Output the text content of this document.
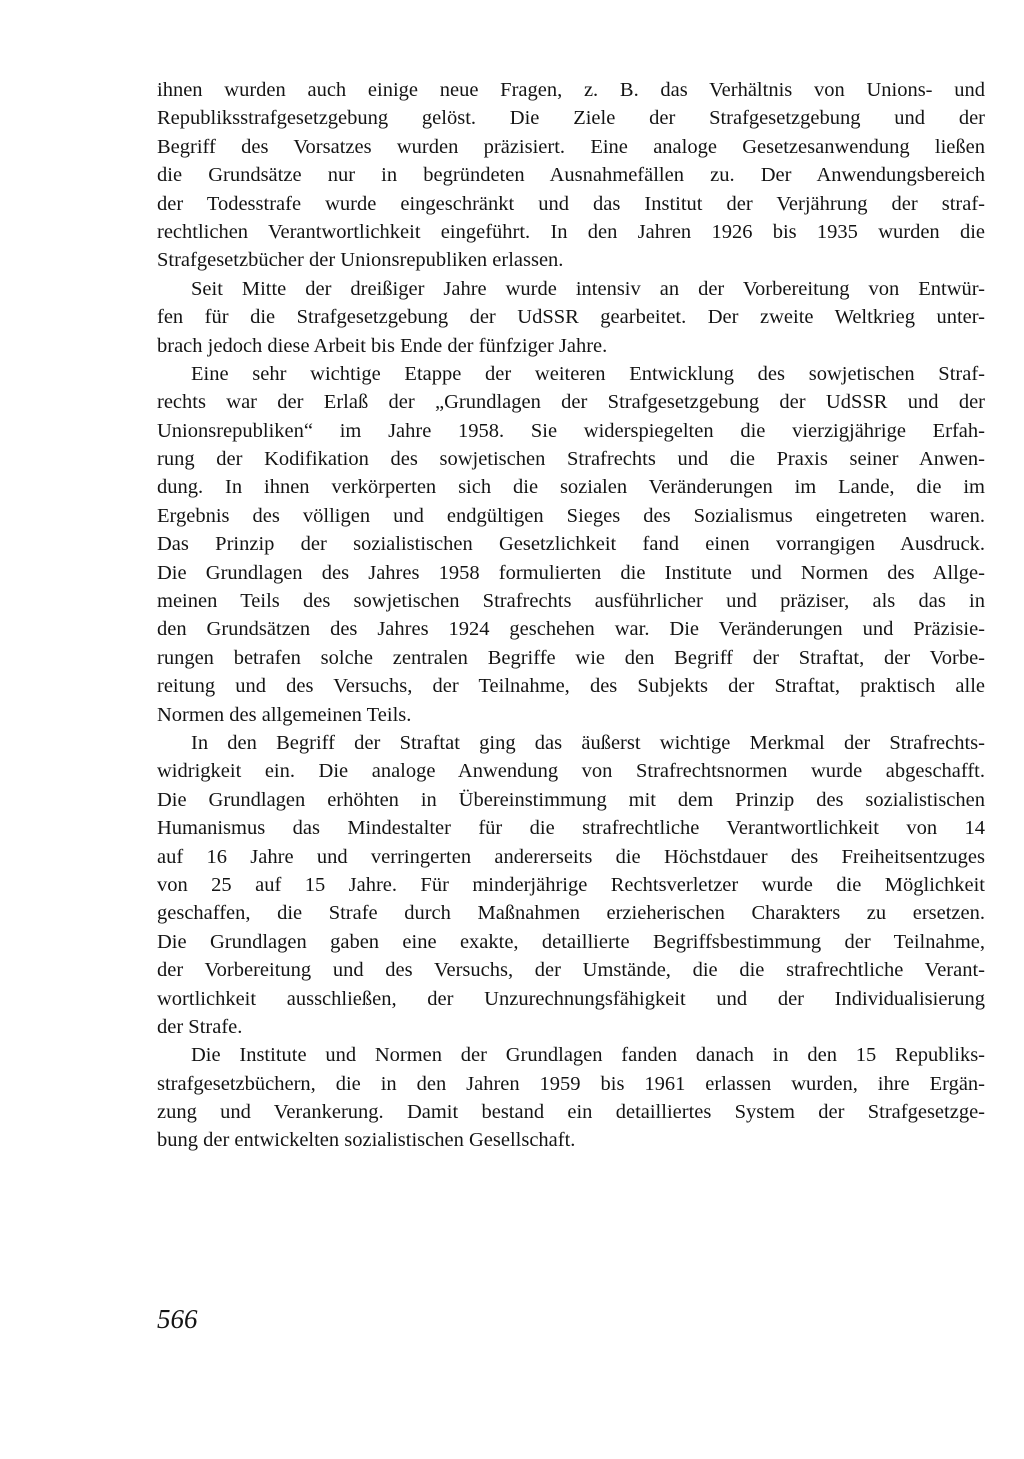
ihnen wurden auch einige neue Fragen, z. B. das Verhältnis von Unions- und
Republiksstrafgesetzgebung gelöst. Die Ziele der Strafgesetzgebung und der
Begriff des Vorsatzes wurden präzisiert. Eine analoge Gesetzesanwendung ließen
die Grundsätze nur in begründeten Ausnahmefällen zu. Der Anwendungsbereich
der Todesstrafe wurde eingeschränkt und das Institut der Verjährung der straf-
rechtlichen Verantwortlichkeit eingeführt. In den Jahren 1926 bis 1935 wurden die
Strafgesetzbücher der Unionsrepubliken erlassen.
Seit Mitte der dreißiger Jahre wurde intensiv an der Vorbereitung von Entwür-
fen für die Strafgesetzgebung der UdSSR gearbeitet. Der zweite Weltkrieg unter-
brach jedoch diese Arbeit bis Ende der fünfziger Jahre.
Eine sehr wichtige Etappe der weiteren Entwicklung des sowjetischen Straf-
rechts war der Erlaß der „Grundlagen der Strafgesetzgebung der UdSSR und der
Unionsrepubliken“ im Jahre 1958. Sie widerspiegelten die vierzigjährige Erfah-
rung der Kodifikation des sowjetischen Strafrechts und die Praxis seiner Anwen-
dung. In ihnen verkörperten sich die sozialen Veränderungen im Lande, die im
Ergebnis des völligen und endgültigen Sieges des Sozialismus eingetreten waren.
Das Prinzip der sozialistischen Gesetzlichkeit fand einen vorrangigen Ausdruck.
Die Grundlagen des Jahres 1958 formulierten die Institute und Normen des Allge-
meinen Teils des sowjetischen Strafrechts ausführlicher und präziser, als das in
den Grundsätzen des Jahres 1924 geschehen war. Die Veränderungen und Präzisie-
rungen betrafen solche zentralen Begriffe wie den Begriff der Straftat, der Vorbe-
reitung und des Versuchs, der Teilnahme, des Subjekts der Straftat, praktisch alle
Normen des allgemeinen Teils.
In den Begriff der Straftat ging das äußerst wichtige Merkmal der Strafrechts-
widrigkeit ein. Die analoge Anwendung von Strafrechtsnormen wurde abgeschafft.
Die Grundlagen erhöhten in Übereinstimmung mit dem Prinzip des sozialistischen
Humanismus das Mindestalter für die strafrechtliche Verantwortlichkeit von 14
auf 16 Jahre und verringerten andererseits die Höchstdauer des Freiheitsentzuges
von 25 auf 15 Jahre. Für minderjährige Rechtsverletzer wurde die Möglichkeit
geschaffen, die Strafe durch Maßnahmen erzieherischen Charakters zu ersetzen.
Die Grundlagen gaben eine exakte, detaillierte Begriffsbestimmung der Teilnahme,
der Vorbereitung und des Versuchs, der Umstände, die die strafrechtliche Verant-
wortlichkeit ausschließen, der Unzurechnungsfähigkeit und der Individualisierung
der Strafe.
Die Institute und Normen der Grundlagen fanden danach in den 15 Republiks-
strafgesetzbüchern, die in den Jahren 1959 bis 1961 erlassen wurden, ihre Ergän-
zung und Verankerung. Damit bestand ein detailliertes System der Strafgesetzge-
bung der entwickelten sozialistischen Gesellschaft.
566
